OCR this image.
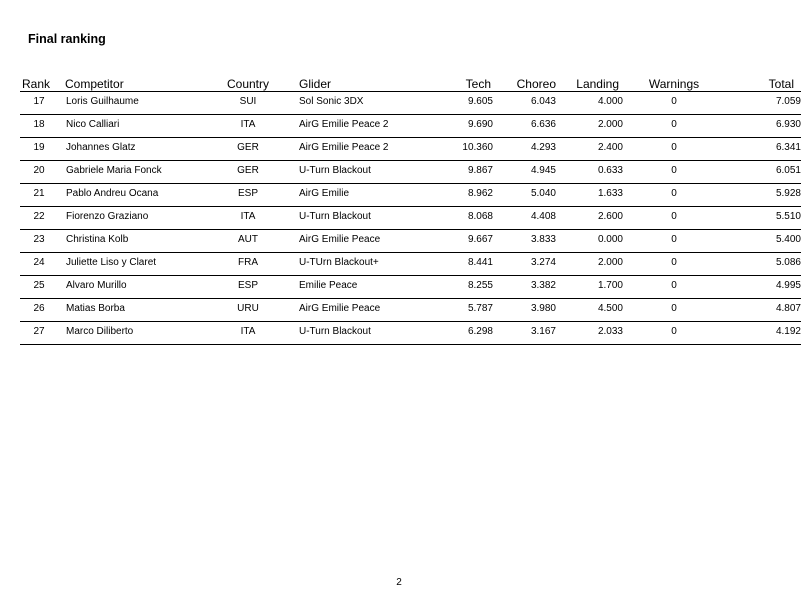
Final ranking
Rank	Competitor	Country	Glider	Tech	Choreo	Landing	Warnings	Total
17	Loris Guilhaume	SUI	Sol Sonic 3DX	9.605	6.043	4.000	0	7.059
18	Nico Calliari	ITA	AirG Emilie Peace 2	9.690	6.636	2.000	0	6.930
19	Johannes Glatz	GER	AirG Emilie Peace 2	10.360	4.293	2.400	0	6.341
20	Gabriele Maria Fonck	GER	U-Turn Blackout	9.867	4.945	0.633	0	6.051
21	Pablo Andreu Ocana	ESP	AirG Emilie	8.962	5.040	1.633	0	5.928
22	Fiorenzo Graziano	ITA	U-Turn Blackout	8.068	4.408	2.600	0	5.510
23	Christina Kolb	AUT	AirG Emilie Peace	9.667	3.833	0.000	0	5.400
24	Juliette Liso y Claret	FRA	U-TUrn Blackout+	8.441	3.274	2.000	0	5.086
25	Alvaro Murillo	ESP	Emilie Peace	8.255	3.382	1.700	0	4.995
26	Matias Borba	URU	AirG Emilie Peace	5.787	3.980	4.500	0	4.807
27	Marco Diliberto	ITA	U-Turn Blackout	6.298	3.167	2.033	0	4.192
2
